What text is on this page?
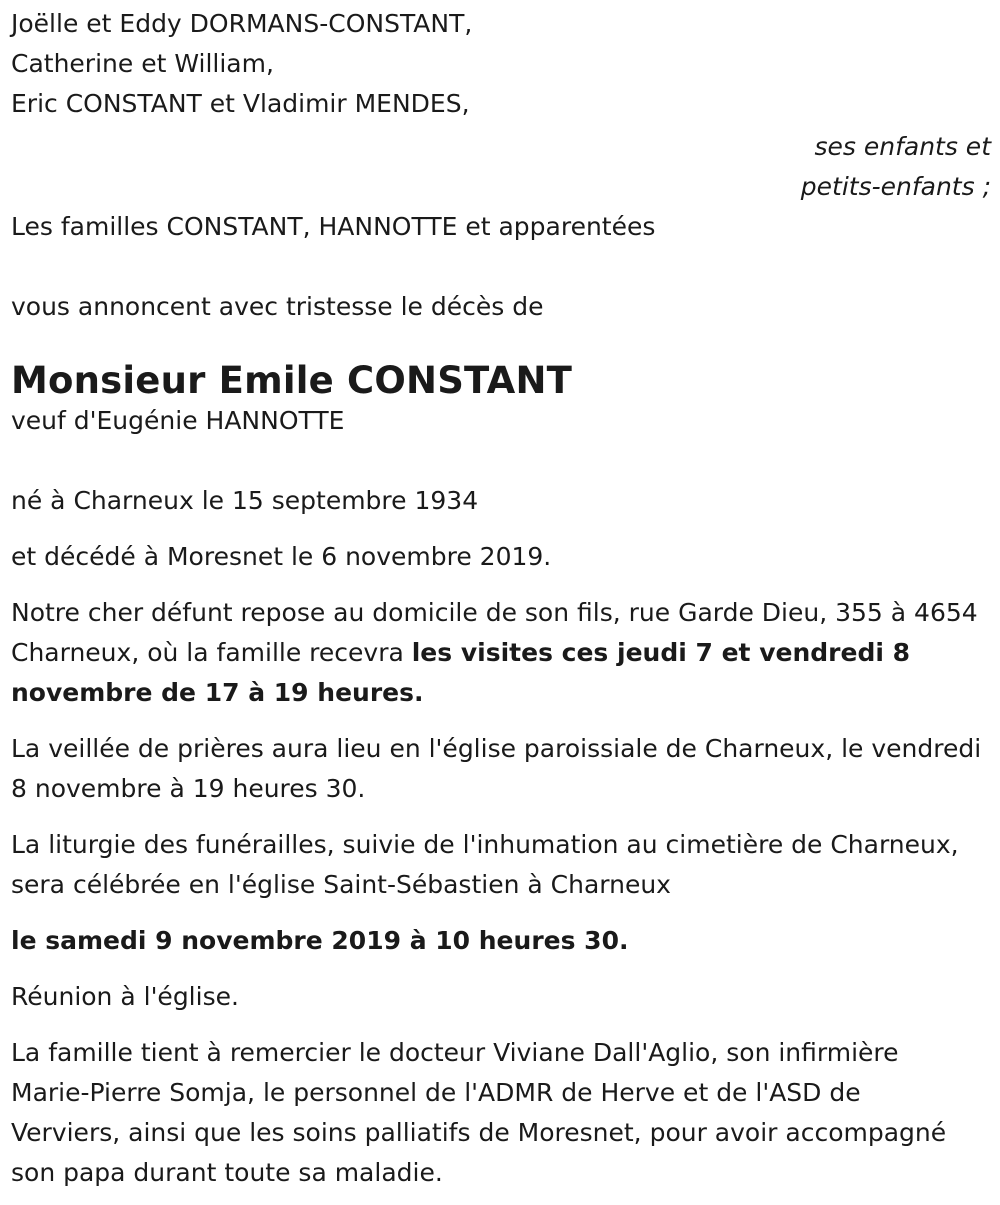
Joëlle et Eddy DORMANS-CONSTANT,
Catherine et William,
Eric CONSTANT et Vladimir MENDES,
ses enfants et
petits-enfants ;
Les familles CONSTANT, HANNOTTE et apparentées
vous annoncent avec tristesse le décès de
Monsieur Emile CONSTANT
veuf d'Eugénie HANNOTTE
né à Charneux le 15 septembre 1934
et décédé à Moresnet le 6 novembre 2019.

Notre cher défunt repose au domicile de son fils, rue Garde Dieu, 355 à 4654 Charneux, où la famille recevra les visites ces jeudi 7 et vendredi 8 novembre de 17 à 19 heures.

La veillée de prières aura lieu en l'église paroissiale de Charneux, le vendredi 8 novembre à 19 heures 30.

La liturgie des funérailles, suivie de l'inhumation au cimetière de Charneux, sera célébrée en l'église Saint-Sébastien à Charneux

le samedi 9 novembre 2019 à 10 heures 30.

Réunion à l'église.

La famille tient à remercier le docteur Viviane Dall'Aglio, son infirmière Marie-Pierre Somja, le personnel de l'ADMR de Herve et de l'ASD de Verviers, ainsi que les soins palliatifs de Moresnet, pour avoir accompagné son papa durant toute sa maladie.
